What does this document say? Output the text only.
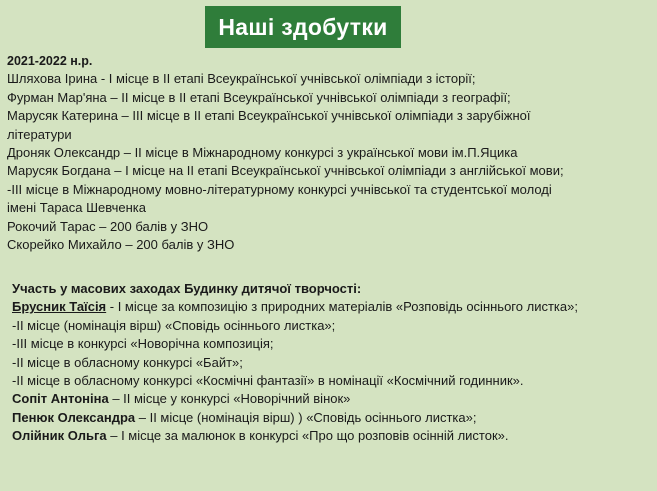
Наші здобутки
2021-2022 н.р.
Шляхова Ірина - І місце в ІІ етапі Всеукраїнської учнівської олімпіади з історії;
Фурман Мар'яна – ІІ місце в ІІ етапі Всеукраїнської учнівської олімпіади з географії;
Марусяк Катерина – ІІІ місце в ІІ етапі Всеукраїнської учнівської олімпіади з зарубіжної
літератури
Дроняк Олександр – ІІ місце в Міжнародному конкурсі з української мови ім.П.Яцика
Марусяк Богдана – І місце на ІІ етапі Всеукраїнської учнівської олімпіади з англійської мови;
-ІІІ місце в Міжнародному мовно-літературному конкурсі учнівської та студентської молоді
імені Тараса Шевченка
Рокочий Тарас – 200 балів у ЗНО
Скорейко Михайло – 200 балів у ЗНО
Участь у масових заходах Будинку дитячої творчості:
Брусник Таїсія - І місце за композицію з природних матеріалів «Розповідь осіннього листка»;
-ІІ місце (номінація вірш) «Сповідь осіннього листка»;
-ІІІ місце в конкурсі «Новорічна композиція;
-ІІ місце в обласному конкурсі «Байт»;
-ІІ місце в обласному конкурсі «Космічні фантазії» в номінації «Космічний годинник».
Сопіт Антоніна – ІІ місце у конкурсі «Новорічний вінок»
Пенюк Олександра – ІІ місце (номінація вірш) ) «Сповідь осіннього листка»;
Олійник Ольга – І місце за малюнок в конкурсі «Про що розповів осінній листок».
